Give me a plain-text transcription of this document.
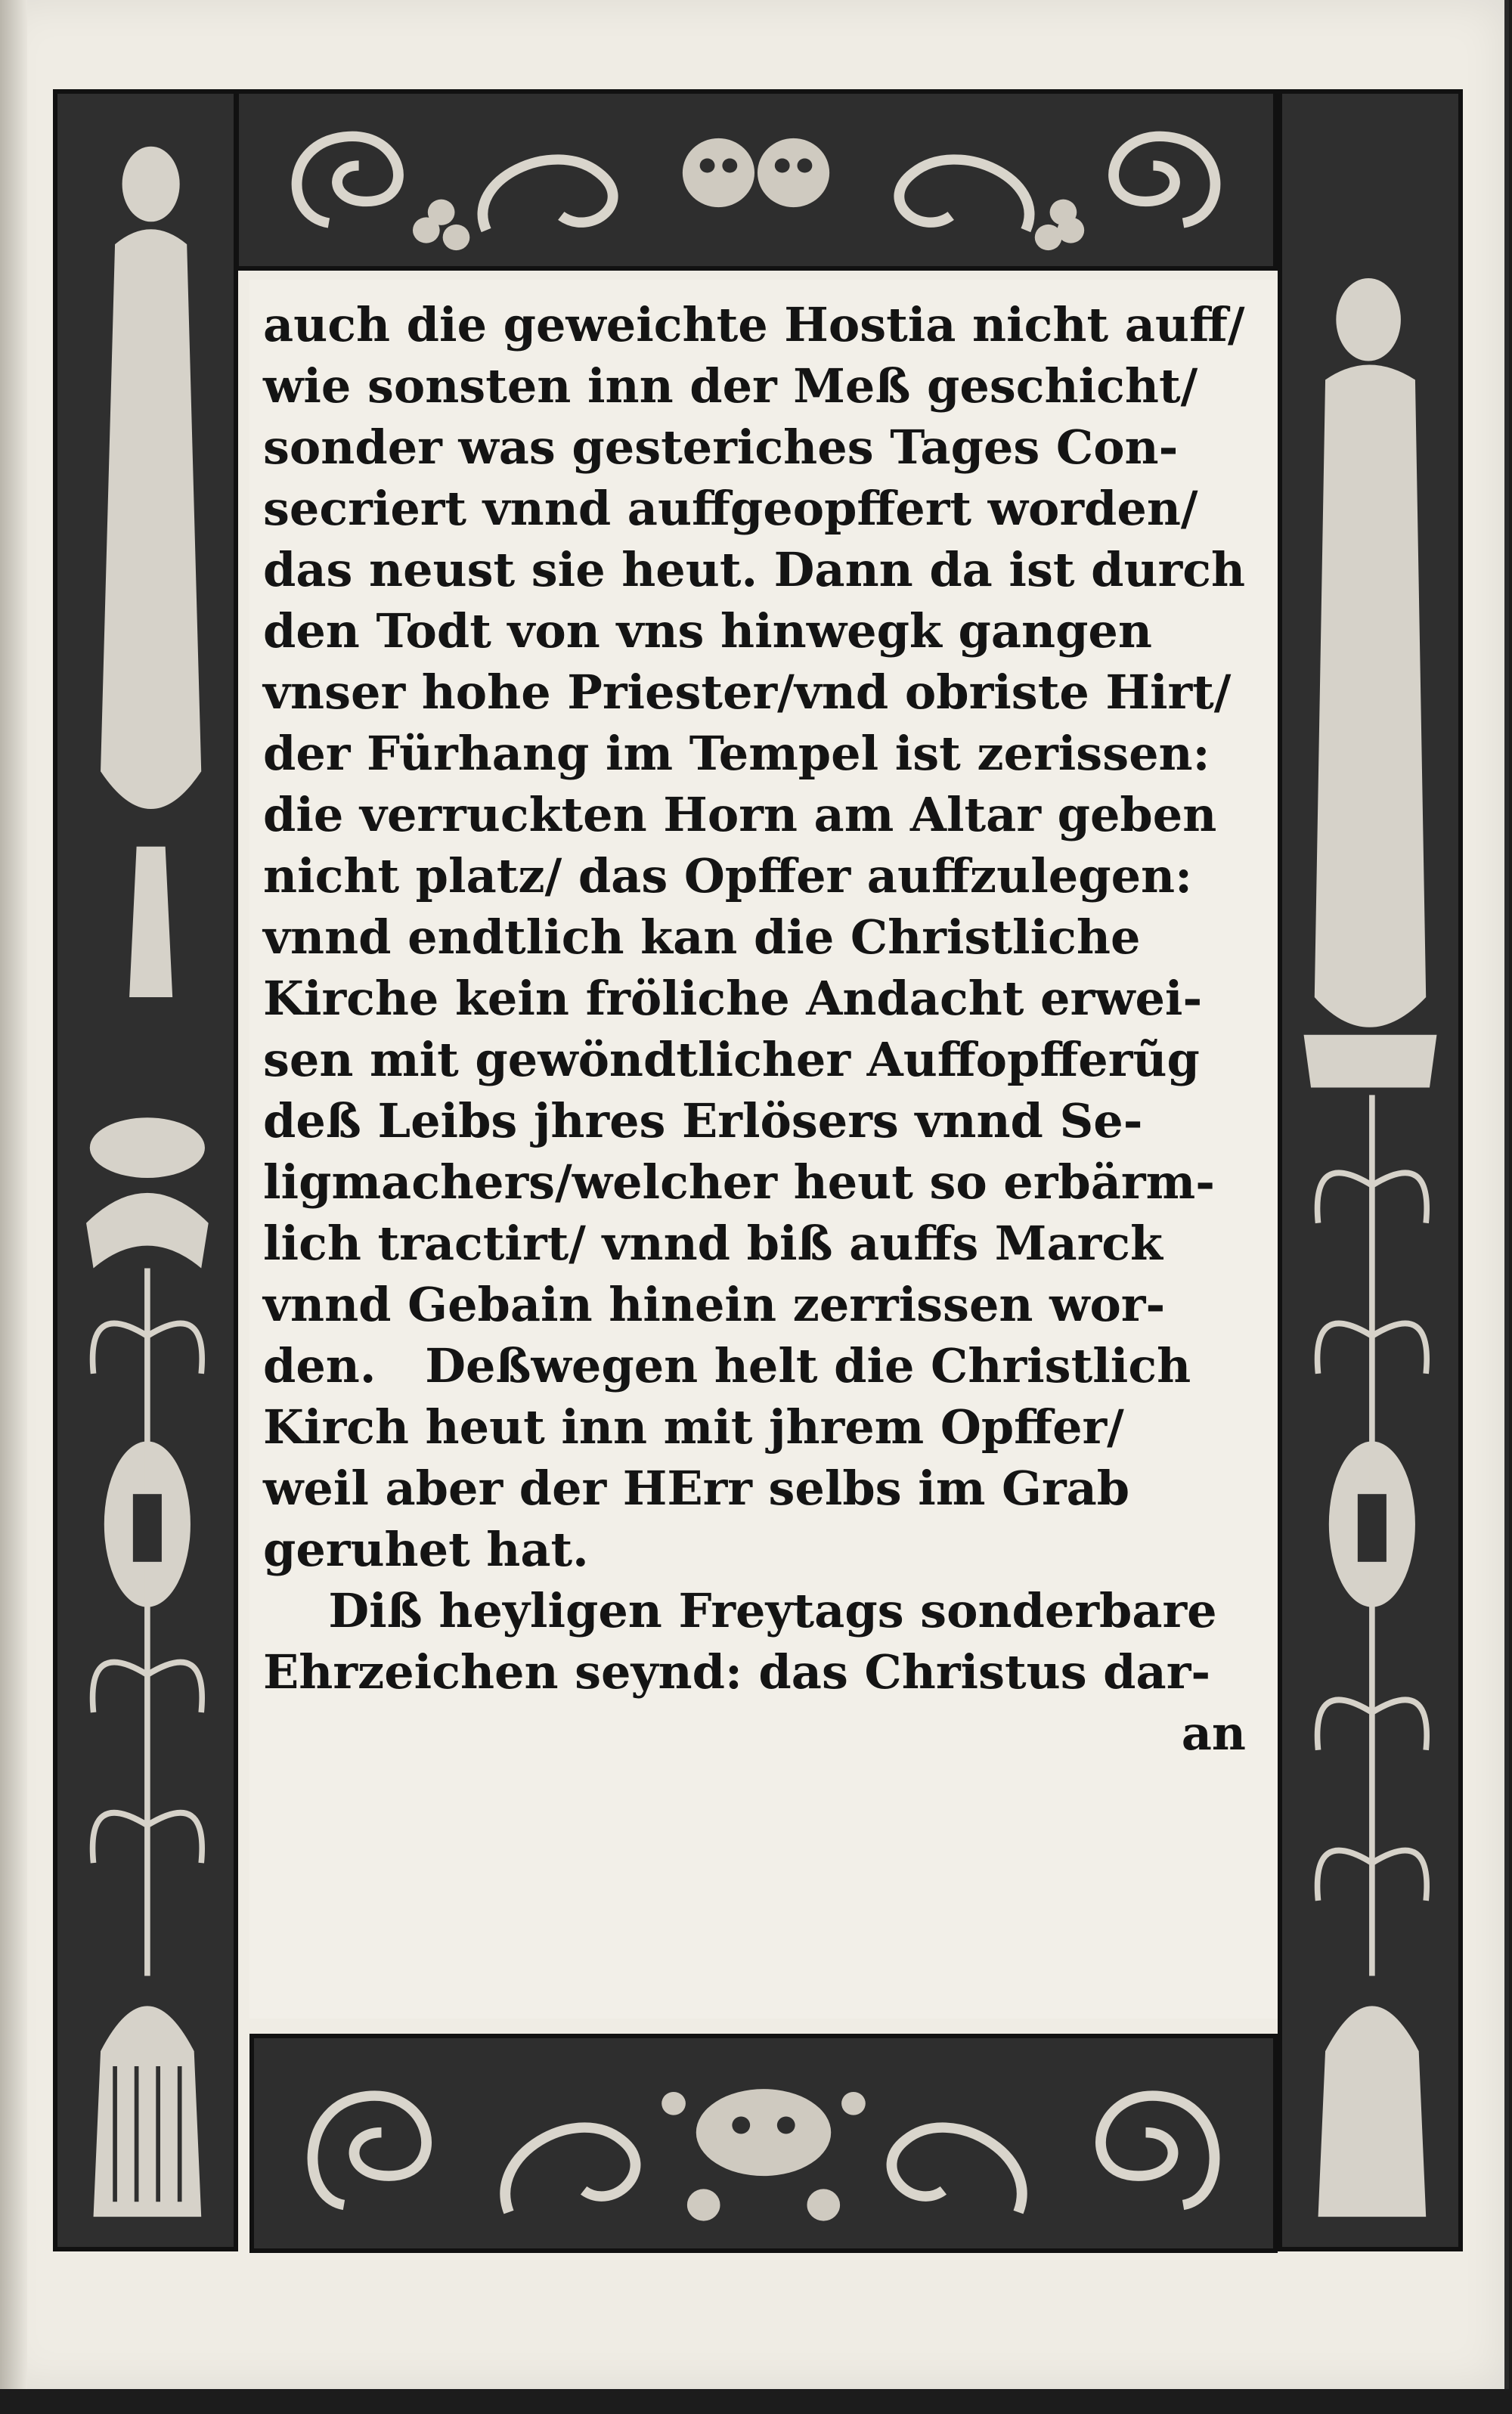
auch die geweichte Hostia nicht auff/
wie sonsten inn der Meß geschicht/
sonder was gesteriches Tages Con-
secriert vnnd auffgeopffert worden/
das neust sie heut. Dann da ist durch
den Todt von vns hinwegk gangen
vnser hohe Priester/vnd obriste Hirt/
der Fürhang im Tempel ist zerissen:
die verruckten Horn am Altar geben
nicht platz/ das Opffer auffzulegen:
vnnd endtlich kan die Christliche
Kirche kein fröliche Andacht erwei-
sen mit gewöndtlicher Auffopfferũg
deß Leibs jhres Erlösers vnnd Se-
ligmachers/welcher heut so erbärm-
lich tractirt/ vnnd biß auffs Marck
vnnd Gebain hinein zerrissen wor-
den.   Deßwegen helt die Christlich
Kirch heut inn mit jhrem Opffer/
weil aber der HErr selbs im Grab
geruhet hat.
Diß heyligen Freytags sonderbare
Ehrzeichen seynd: das Christus dar-
an
